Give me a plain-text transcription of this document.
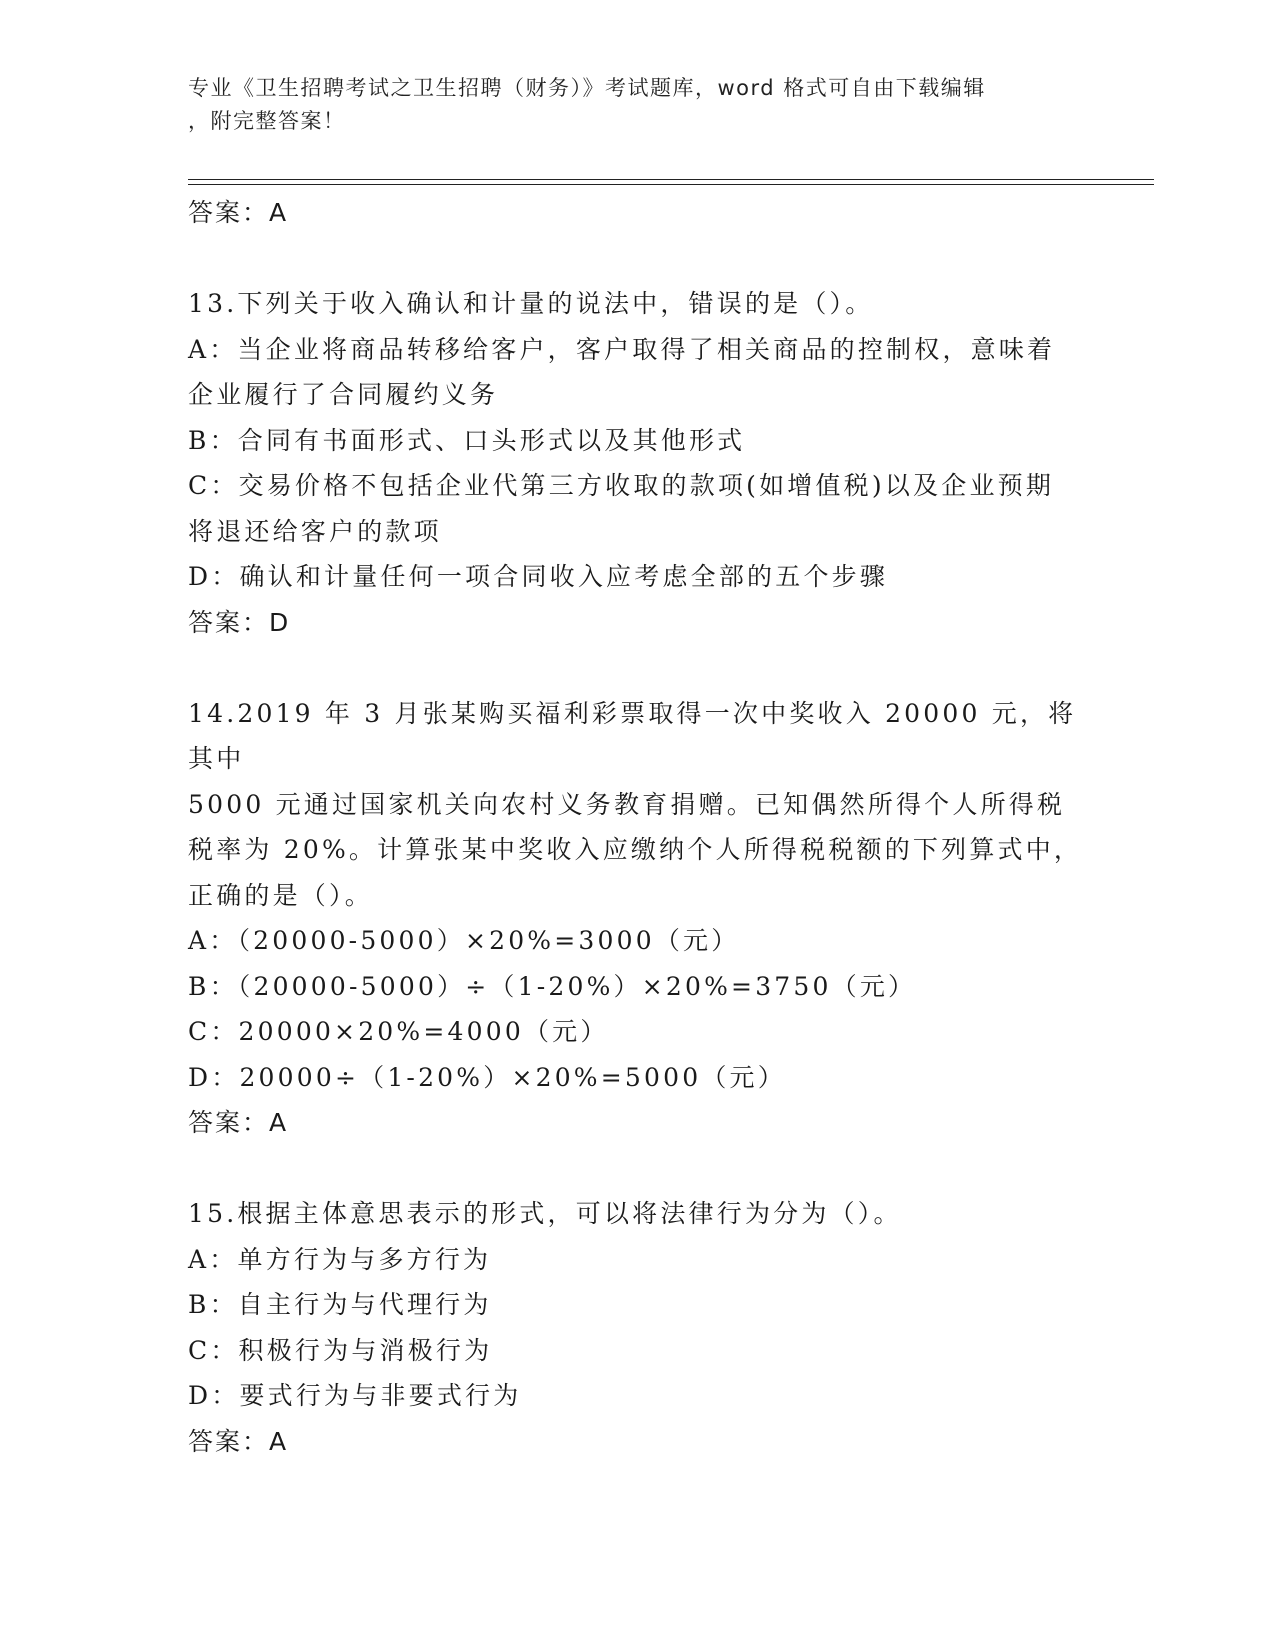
专业《卫生招聘考试之卫生招聘（财务）》考试题库，word 格式可自由下载编辑
，附完整答案！
答案：A
13.下列关于收入确认和计量的说法中，错误的是（）。
A：当企业将商品转移给客户，客户取得了相关商品的控制权，意味着
企业履行了合同履约义务
B：合同有书面形式、口头形式以及其他形式
C：交易价格不包括企业代第三方收取的款项(如增值税)以及企业预期
将退还给客户的款项
D：确认和计量任何一项合同收入应考虑全部的五个步骤
答案：D
14.2019 年 3 月张某购买福利彩票取得一次中奖收入 20000 元，将其中
5000 元通过国家机关向农村义务教育捐赠。已知偶然所得个人所得税
税率为 20%。计算张某中奖收入应缴纳个人所得税税额的下列算式中，
正确的是（）。
A：（20000-5000）×20%=3000（元）
B：（20000-5000）÷（1-20%）×20%=3750（元）
C：20000×20%=4000（元）
D：20000÷（1-20%）×20%=5000（元）
答案：A
15.根据主体意思表示的形式，可以将法律行为分为（）。
A：单方行为与多方行为
B：自主行为与代理行为
C：积极行为与消极行为
D：要式行为与非要式行为
答案：A
